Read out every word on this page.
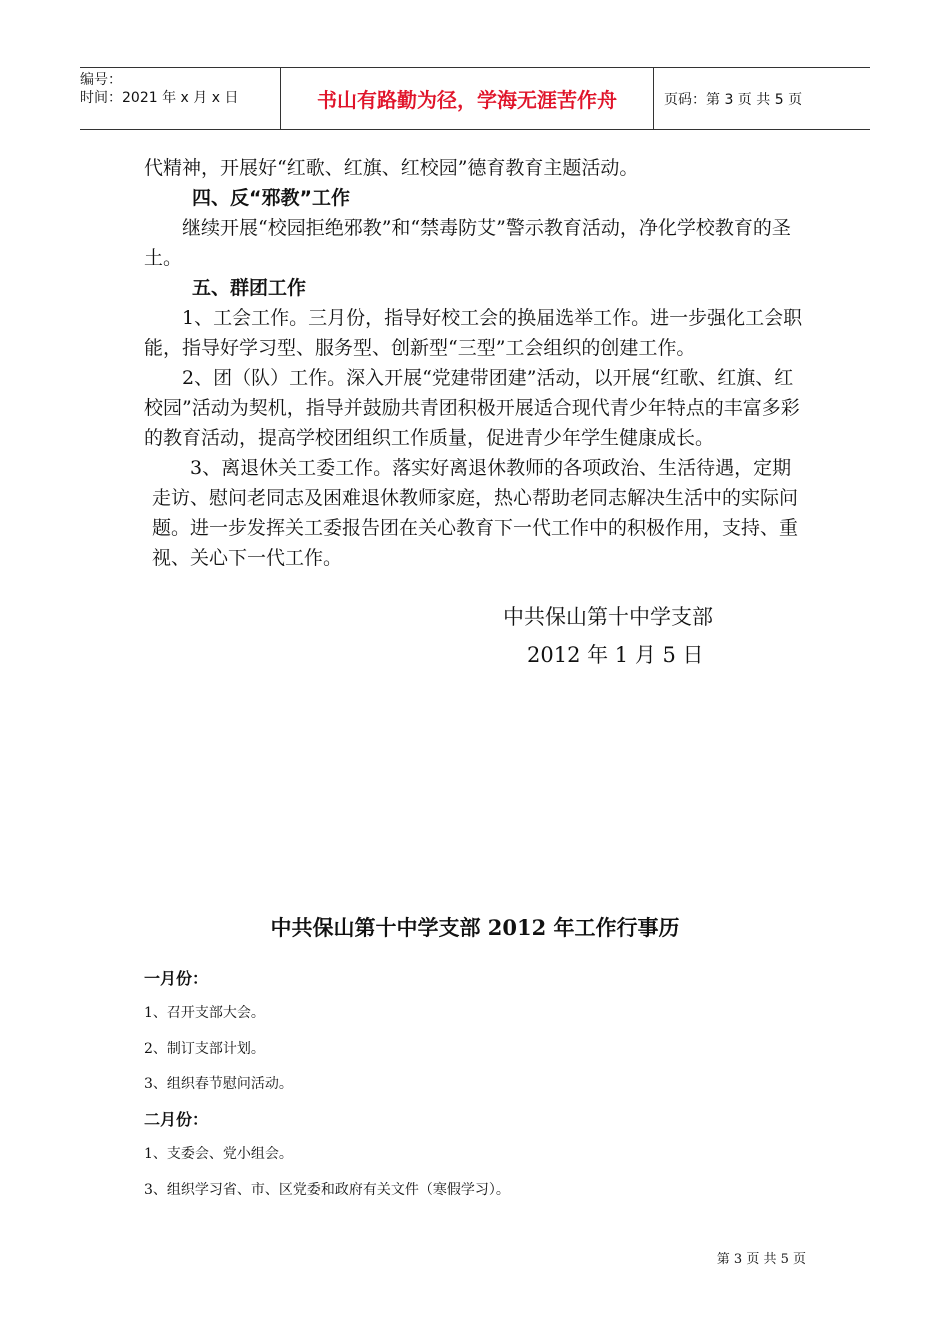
编号：
时间：2021 年 x 月 x 日	书山有路勤为径，学海无涯苦作舟	页码：第 3 页 共 5 页

代精神，开展好“红歌、红旗、红校园”德育教育主题活动。

四、反“邪教”工作

继续开展“校园拒绝邪教”和“禁毒防艾”警示教育活动，净化学校教育的圣土。

五、群团工作

1、工会工作。三月份，指导好校工会的换届选举工作。进一步强化工会职能，指导好学习型、服务型、创新型“三型”工会组织的创建工作。

2、团（队）工作。深入开展“党建带团建”活动，以开展“红歌、红旗、红校园”活动为契机，指导并鼓励共青团积极开展适合现代青少年特点的丰富多彩的教育活动，提高学校团组织工作质量，促进青少年学生健康成长。

3、离退休关工委工作。落实好离退休教师的各项政治、生活待遇，定期走访、慰问老同志及困难退休教师家庭，热心帮助老同志解决生活中的实际问题。进一步发挥关工委报告团在关心教育下一代工作中的积极作用，支持、重视、关心下一代工作。

中共保山第十中学支部
2012 年 1 月 5 日
中共保山第十中学支部 2012 年工作行事历

一月份：

1、召开支部大会。

2、制订支部计划。

3、组织春节慰问活动。

二月份：

1、支委会、党小组会。

3、组织学习省、市、区党委和政府有关文件（寒假学习）。

第 3 页 共 5 页
